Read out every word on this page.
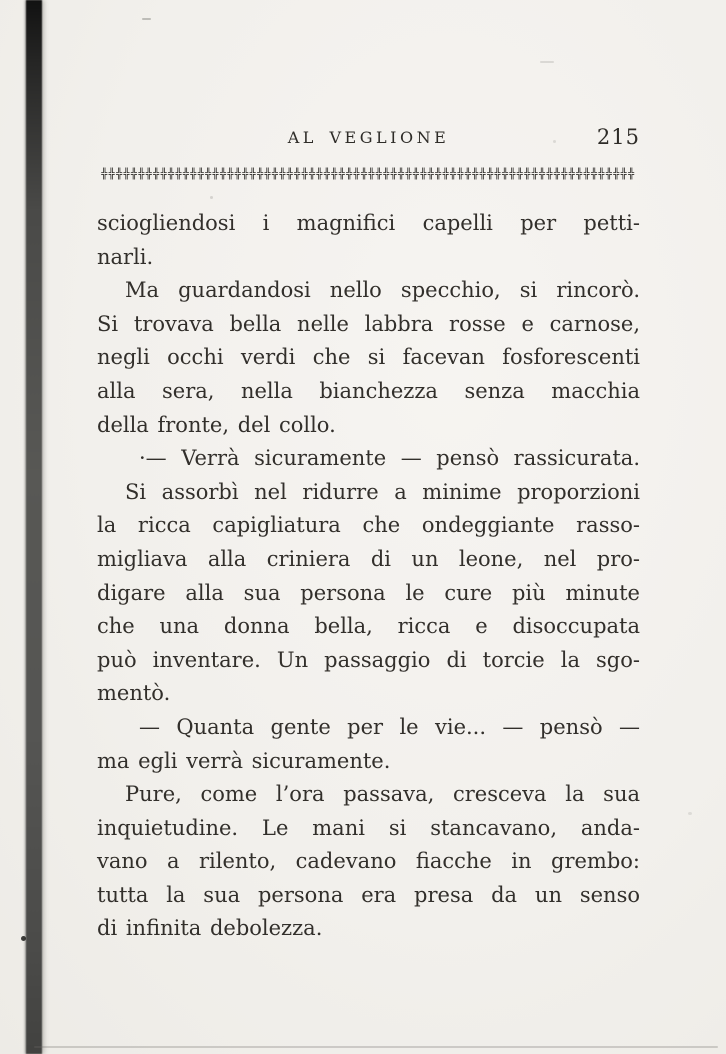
AL VEGLIONE	215
╬╬╬╬╬╬╬╬╬╬╬╬╬╬╬╬╬╬╬╬╬╬╬╬╬╬╬╬╬╬╬╬╬╬╬╬╬╬╬╬╬╬╬╬╬╬╬╬╬╬╬╬╬╬╬╬╬╬╬╬╬╬╬╬╬╬╬╬╬╬╬╬
sciogliendosi i magnifici capelli per petti-
narli.
Ma guardandosi nello specchio, si rincorò.
Si trovava bella nelle labbra rosse e carnose,
negli occhi verdi che si facevan fosforescenti
alla sera, nella bianchezza senza macchia
della fronte, del collo.
·— Verrà sicuramente — pensò rassicurata.
Si assorbì nel ridurre a minime proporzioni
la ricca capigliatura che ondeggiante rasso-
migliava alla criniera di un leone, nel pro-
digare alla sua persona le cure più minute
che una donna bella, ricca e disoccupata
può inventare. Un passaggio di torcie la sgo-
mentò.
— Quanta gente per le vie... — pensò —
ma egli verrà sicuramente.
Pure, come l’ora passava, cresceva la sua
inquietudine. Le mani si stancavano, anda-
vano a rilento, cadevano fiacche in grembo:
tutta la sua persona era presa da un senso
di infinita debolezza.
